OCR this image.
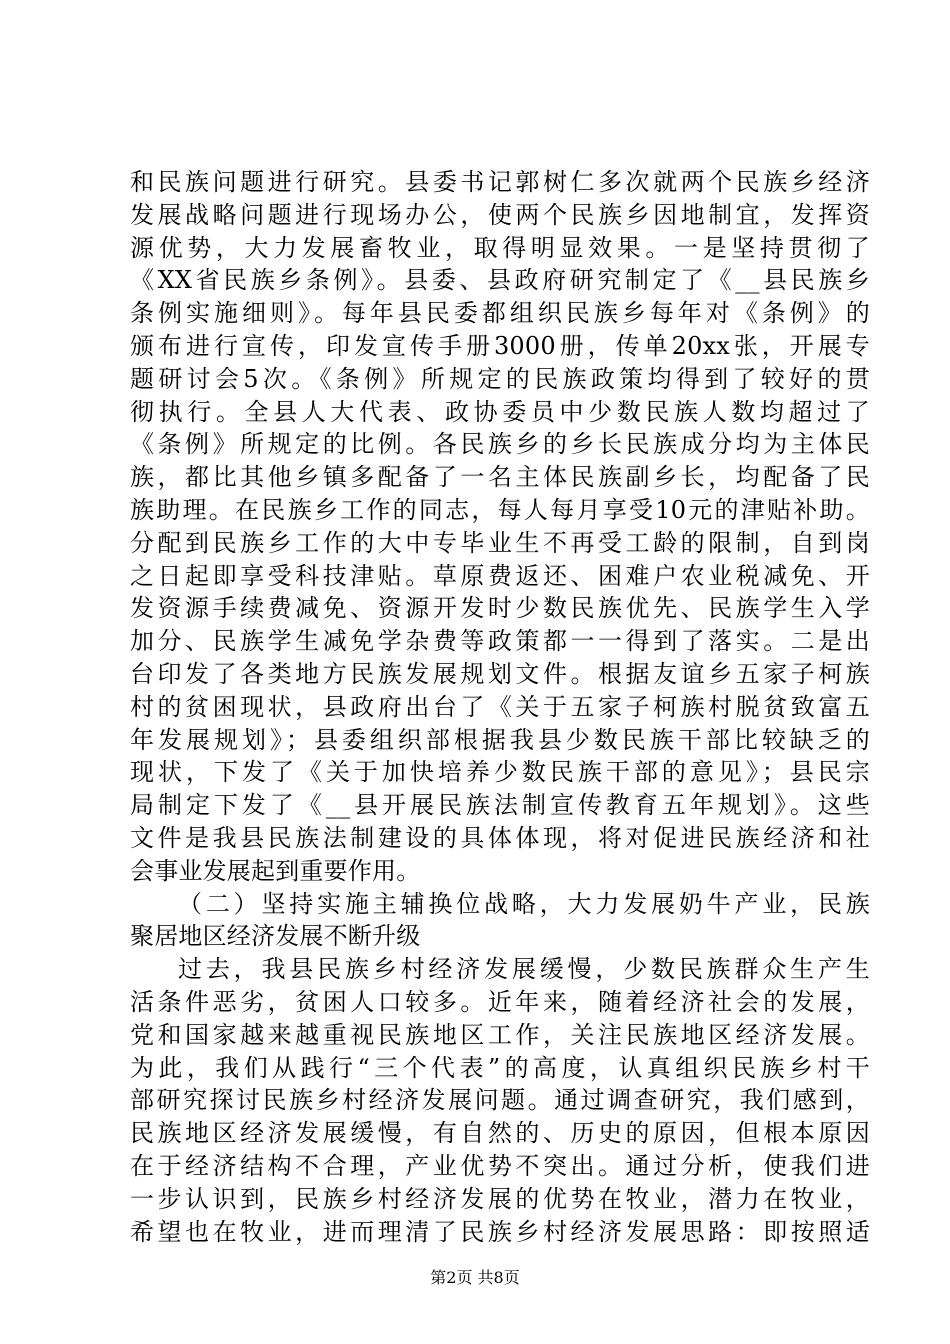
和民族问题进行研究。县委书记郭树仁多次就两个民族乡经济
发展战略问题进行现场办公，使两个民族乡因地制宜，发挥资
源优势，大力发展畜牧业，取得明显效果。一是坚持贯彻了
《XX省民族乡条例》。县委、县政府研究制定了《__县民族乡
条例实施细则》。每年县民委都组织民族乡每年对《条例》的
颁布进行宣传，印发宣传手册3000册，传单20xx张，开展专
题研讨会5次。《条例》所规定的民族政策均得到了较好的贯
彻执行。全县人大代表、政协委员中少数民族人数均超过了
《条例》所规定的比例。各民族乡的乡长民族成分均为主体民
族，都比其他乡镇多配备了一名主体民族副乡长，均配备了民
族助理。在民族乡工作的同志，每人每月享受10元的津贴补助。
分配到民族乡工作的大中专毕业生不再受工龄的限制，自到岗
之日起即享受科技津贴。草原费返还、困难户农业税减免、开
发资源手续费减免、资源开发时少数民族优先、民族学生入学
加分、民族学生减免学杂费等政策都一一得到了落实。二是出
台印发了各类地方民族发展规划文件。根据友谊乡五家子柯族
村的贫困现状，县政府出台了《关于五家子柯族村脱贫致富五
年发展规划》；县委组织部根据我县少数民族干部比较缺乏的
现状，下发了《关于加快培养少数民族干部的意见》；县民宗
局制定下发了《__县开展民族法制宣传教育五年规划》。这些
文件是我县民族法制建设的具体体现，将对促进民族经济和社
会事业发展起到重要作用。
（二）坚持实施主辅换位战略，大力发展奶牛产业，民族
聚居地区经济发展不断升级
过去，我县民族乡村经济发展缓慢，少数民族群众生产生
活条件恶劣，贫困人口较多。近年来，随着经济社会的发展，
党和国家越来越重视民族地区工作，关注民族地区经济发展。
为此，我们从践行“三个代表”的高度，认真组织民族乡村干
部研究探讨民族乡村经济发展问题。通过调查研究，我们感到，
民族地区经济发展缓慢，有自然的、历史的原因，但根本原因
在于经济结构不合理，产业优势不突出。通过分析，使我们进
一步认识到，民族乡村经济发展的优势在牧业，潜力在牧业，
希望也在牧业，进而理清了民族乡村经济发展思路：即按照适
第2页 共8页
